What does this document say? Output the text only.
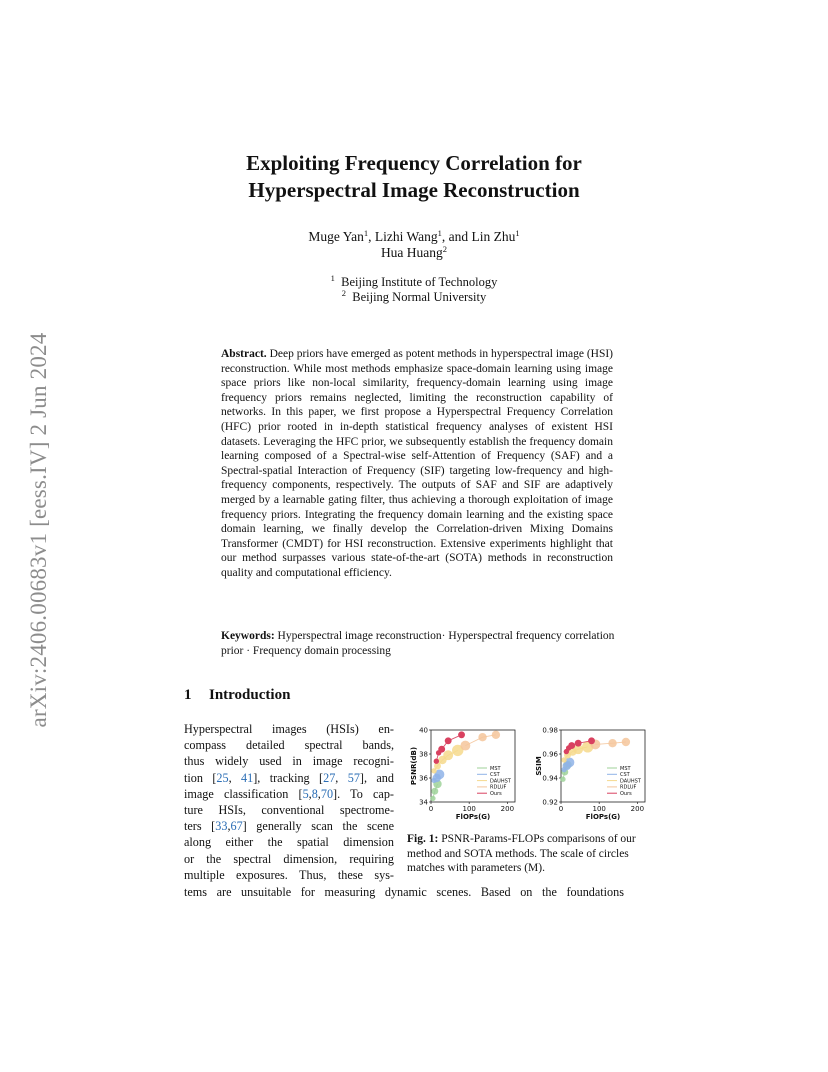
arXiv:2406.00683v1 [eess.IV] 2 Jun 2024
Exploiting Frequency Correlation for
Hyperspectral Image Reconstruction
Muge Yan$^1$, Lizhi Wang$^1$, and Lin Zhu$^1$
Hua Huang$^2$
$^1$ Beijing Institute of Technology
$^2$ Beijing Normal University
Abstract. Deep priors have emerged as potent methods in hyperspectral image (HSI) reconstruction. While most methods emphasize space-domain learning using image space priors like non-local similarity, frequency-domain learning using image frequency priors remains neglected, limiting the reconstruction capability of networks. In this paper, we first propose a Hyperspectral Frequency Correlation (HFC) prior rooted in in-depth statistical frequency analyses of existent HSI datasets. Leveraging the HFC prior, we subsequently establish the frequency domain learning composed of a Spectral-wise self-Attention of Frequency (SAF) and a Spectral-spatial Interaction of Frequency (SIF) targeting low-frequency and high-frequency components, respectively. The outputs of SAF and SIF are adaptively merged by a learnable gating filter, thus achieving a thorough exploitation of image frequency priors. Integrating the frequency domain learning and the existing space domain learning, we finally develop the Correlation-driven Mixing Domains Transformer (CMDT) for HSI reconstruction. Extensive experiments highlight that our method surpasses various state-of-the-art (SOTA) methods in reconstruction quality and computational efficiency.
Keywords: Hyperspectral image reconstruction· Hyperspectral frequency correlation prior · Frequency domain processing
1 Introduction
Hyperspectral images (HSIs) en-
compass detailed spectral bands,
thus widely used in image recogni-
tion [25, 41], tracking [27, 57], and
image classification [5,8,70]. To cap-
ture HSIs, conventional spectrome-
ters [33,67] generally scan the scene
along either the spatial dimension
or the spectral dimension, requiring
multiple exposures. Thus, these sys-
tems are unsuitable for measuring dynamic scenes. Based on the foundations
34
36
38
40
0	100	200
FlOPs(G)
PSNR(dB)	MST
CST
DAUHST
RDLUF
Ours
0.92
0.94
0.96
0.98
0	100	200
FlOPs(G)
SSIM	MST
CST
DAUHST
RDLUF
Ours
Fig. 1: PSNR-Params-FLOPs comparisons of our method and SOTA methods. The scale of circles matches with parameters (M).
